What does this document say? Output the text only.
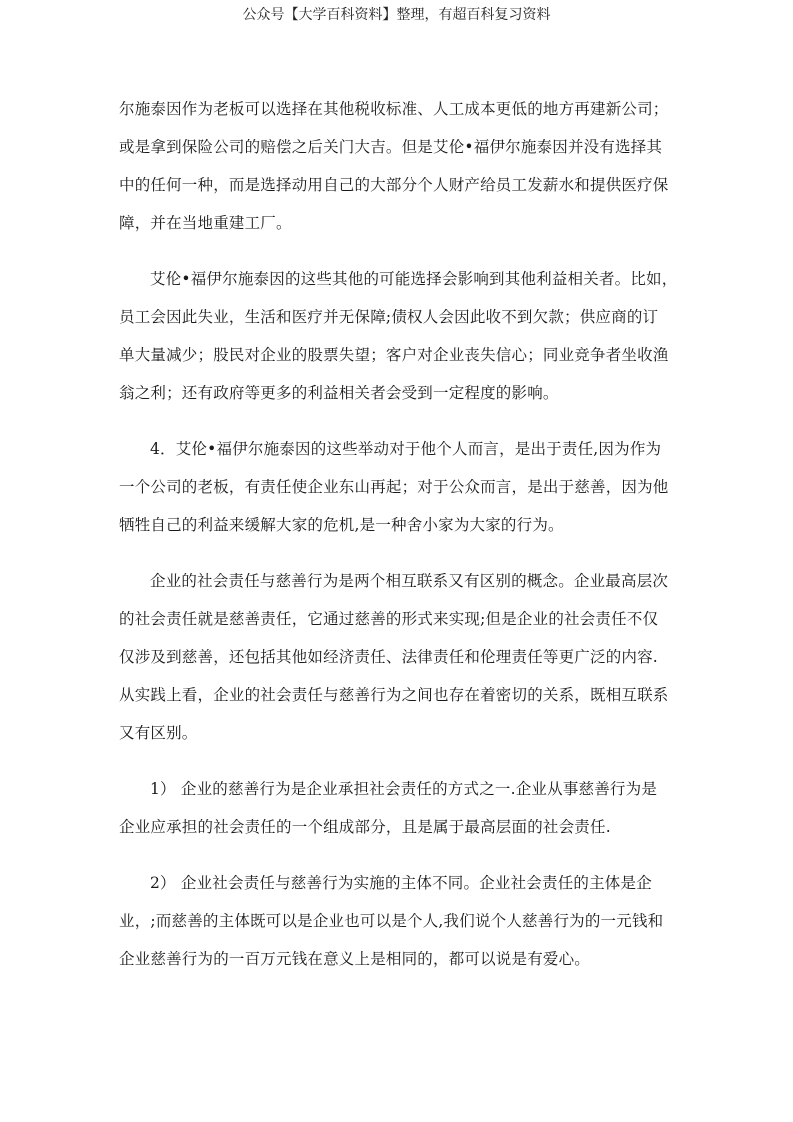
公众号【大学百科资料】整理，有超百科复习资料
尔施泰因作为老板可以选择在其他税收标准、人工成本更低的地方再建新公司；
或是拿到保险公司的赔偿之后关门大吉。但是艾伦•福伊尔施泰因并没有选择其
中的任何一种，而是选择动用自己的大部分个人财产给员工发薪水和提供医疗保
障，并在当地重建工厂。
艾伦•福伊尔施泰因的这些其他的可能选择会影响到其他利益相关者。比如，
员工会因此失业，生活和医疗并无保障;债权人会因此收不到欠款；供应商的订
单大量减少；股民对企业的股票失望；客户对企业丧失信心；同业竞争者坐收渔
翁之利；还有政府等更多的利益相关者会受到一定程度的影响。
4．艾伦•福伊尔施泰因的这些举动对于他个人而言，是出于责任,因为作为
一个公司的老板，有责任使企业东山再起；对于公众而言，是出于慈善，因为他
牺牲自己的利益来缓解大家的危机,是一种舍小家为大家的行为。
企业的社会责任与慈善行为是两个相互联系又有区别的概念。企业最高层次
的社会责任就是慈善责任，它通过慈善的形式来实现;但是企业的社会责任不仅
仅涉及到慈善，还包括其他如经济责任、法律责任和伦理责任等更广泛的内容.
从实践上看，企业的社会责任与慈善行为之间也存在着密切的关系，既相互联系
又有区别。
1） 企业的慈善行为是企业承担社会责任的方式之一.企业从事慈善行为是
企业应承担的社会责任的一个组成部分，且是属于最高层面的社会责任.
2） 企业社会责任与慈善行为实施的主体不同。企业社会责任的主体是企
业，;而慈善的主体既可以是企业也可以是个人,我们说个人慈善行为的一元钱和
企业慈善行为的一百万元钱在意义上是相同的，都可以说是有爱心。
